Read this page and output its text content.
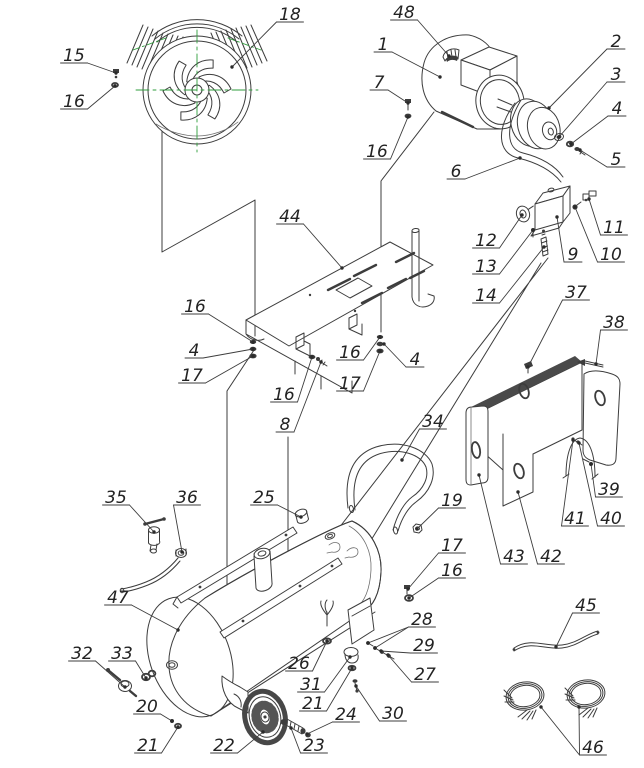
18	48
15
16
1	2
3
7
4
5
16
6
12
11
9 10
13
14
44
37
38
16
4
17
16
17
4
16
8	34
19
25
35	36	39
41 40
43 42
17
16
47
28
29
27
26
31
21
24 30
23
22
21
20
32 33
45
46
